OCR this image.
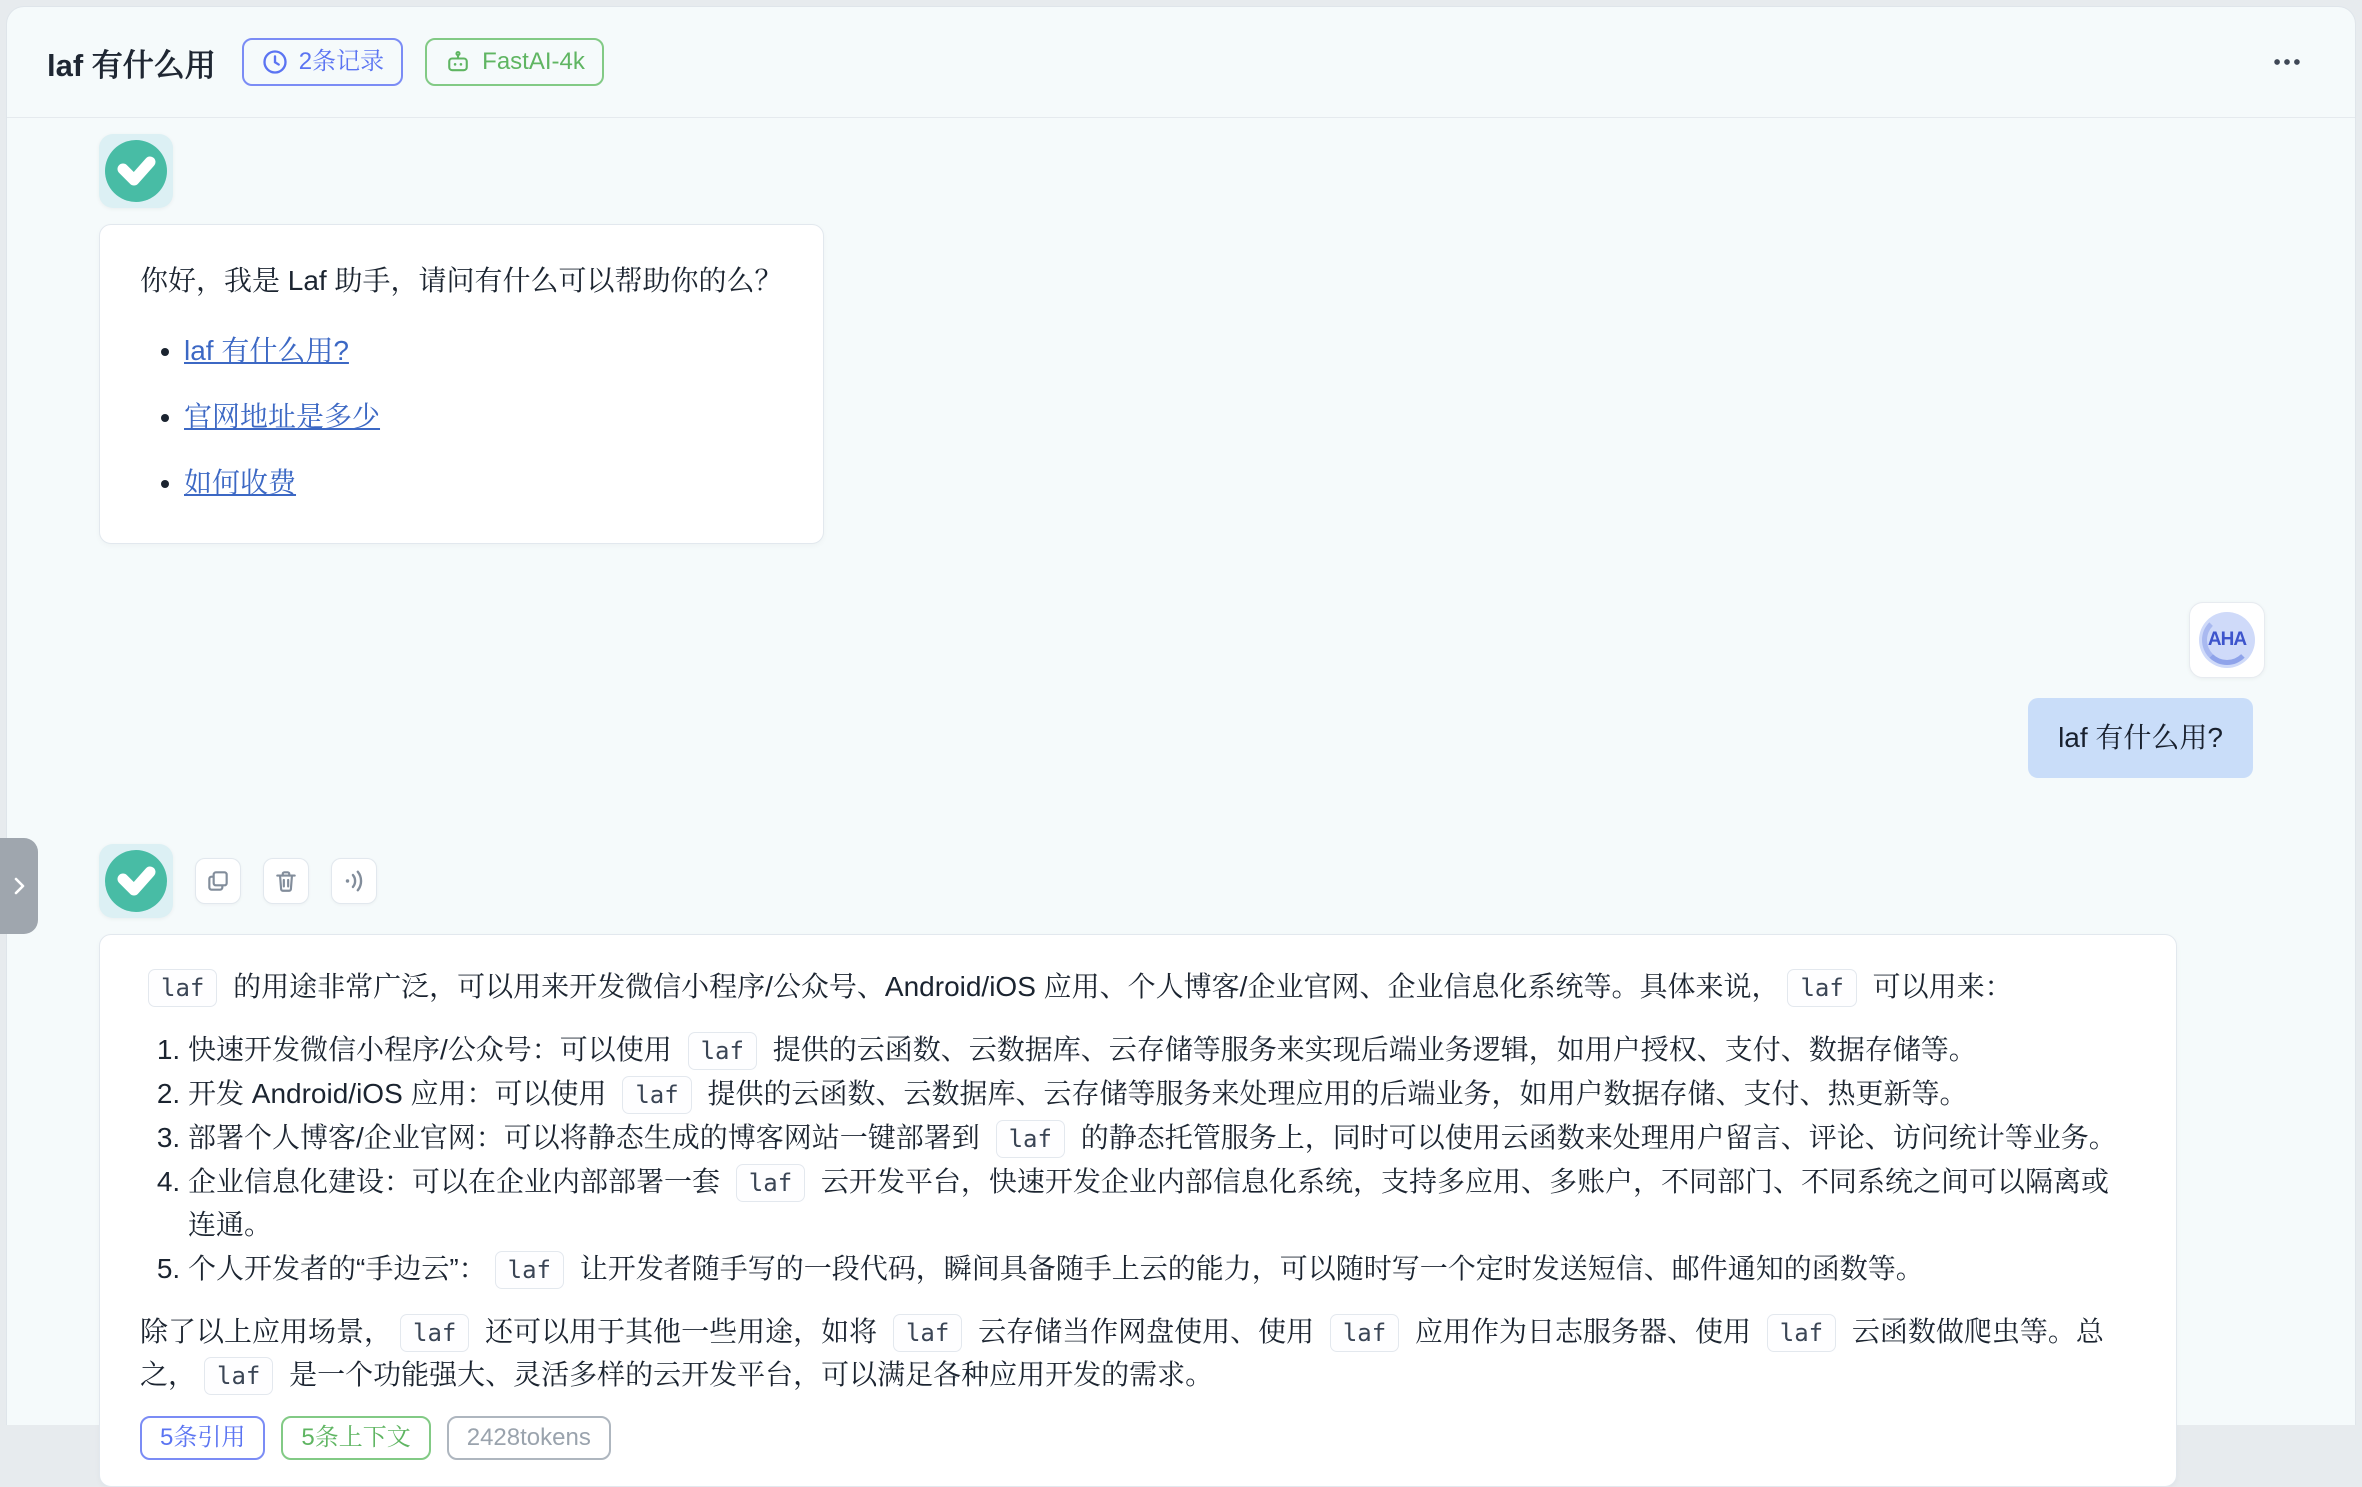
laf 有什么用	2条记录	FastAI-4k

你好，我是 Laf 助手，请问有什么可以帮助你的么？

• laf 有什么用?
• 官网地址是多少
• 如何收费
AHA
laf 有什么用?

laf 的用途非常广泛，可以用来开发微信小程序/公众号、Android/iOS 应用、个人博客/企业官网、企业信息化系统等。具体来说， laf 可以用来：

1. 快速开发微信小程序/公众号：可以使用 laf 提供的云函数、云数据库、云存储等服务来实现后端业务逻辑，如用户授权、支付、数据存储等。
2. 开发 Android/iOS 应用：可以使用 laf 提供的云函数、云数据库、云存储等服务来处理应用的后端业务，如用户数据存储、支付、热更新等。
3. 部署个人博客/企业官网：可以将静态生成的博客网站一键部署到 laf 的静态托管服务上，同时可以使用云函数来处理用户留言、评论、访问统计等业务。
4. 企业信息化建设：可以在企业内部部署一套 laf 云开发平台，快速开发企业内部信息化系统，支持多应用、多账户，不同部门、不同系统之间可以隔离或连通。
5. 个人开发者的“手边云”： laf 让开发者随手写的一段代码，瞬间具备随手上云的能力，可以随时写一个定时发送短信、邮件通知的函数等。

除了以上应用场景， laf 还可以用于其他一些用途，如将 laf 云存储当作网盘使用、使用 laf 应用作为日志服务器、使用 laf 云函数做爬虫等。总之， laf 是一个功能强大、灵活多样的云开发平台，可以满足各种应用开发的需求。

5条引用	5条上下文	2428tokens
